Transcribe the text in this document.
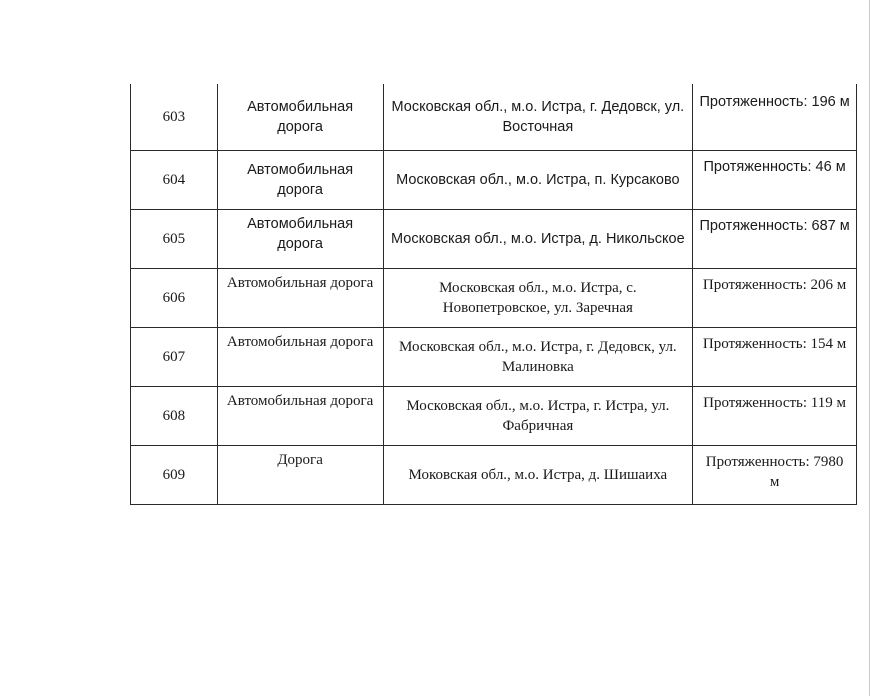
603	Автомобильная дорога	Московская обл., м.о. Истра, г. Дедовск, ул. Восточная	Протяженность: 196 м
604	Автомобильная дорога	Московская обл., м.о. Истра, п. Курсаково	Протяженность: 46 м
605	Автомобильная дорога	Московская обл., м.о. Истра, д. Никольское	Протяженность: 687 м
606	Автомобильная дорога	Московская обл., м.о. Истра, с. Новопетровское, ул. Заречная	Протяженность: 206 м
607	Автомобильная дорога	Московская обл., м.о. Истра, г. Дедовск, ул. Малиновка	Протяженность: 154 м
608	Автомобильная дорога	Московская обл., м.о. Истра, г. Истра, ул. Фабричная	Протяженность: 119 м
609	Дорога	Моковская обл., м.о. Истра, д. Шишаиха	Протяженность: 7980 м
